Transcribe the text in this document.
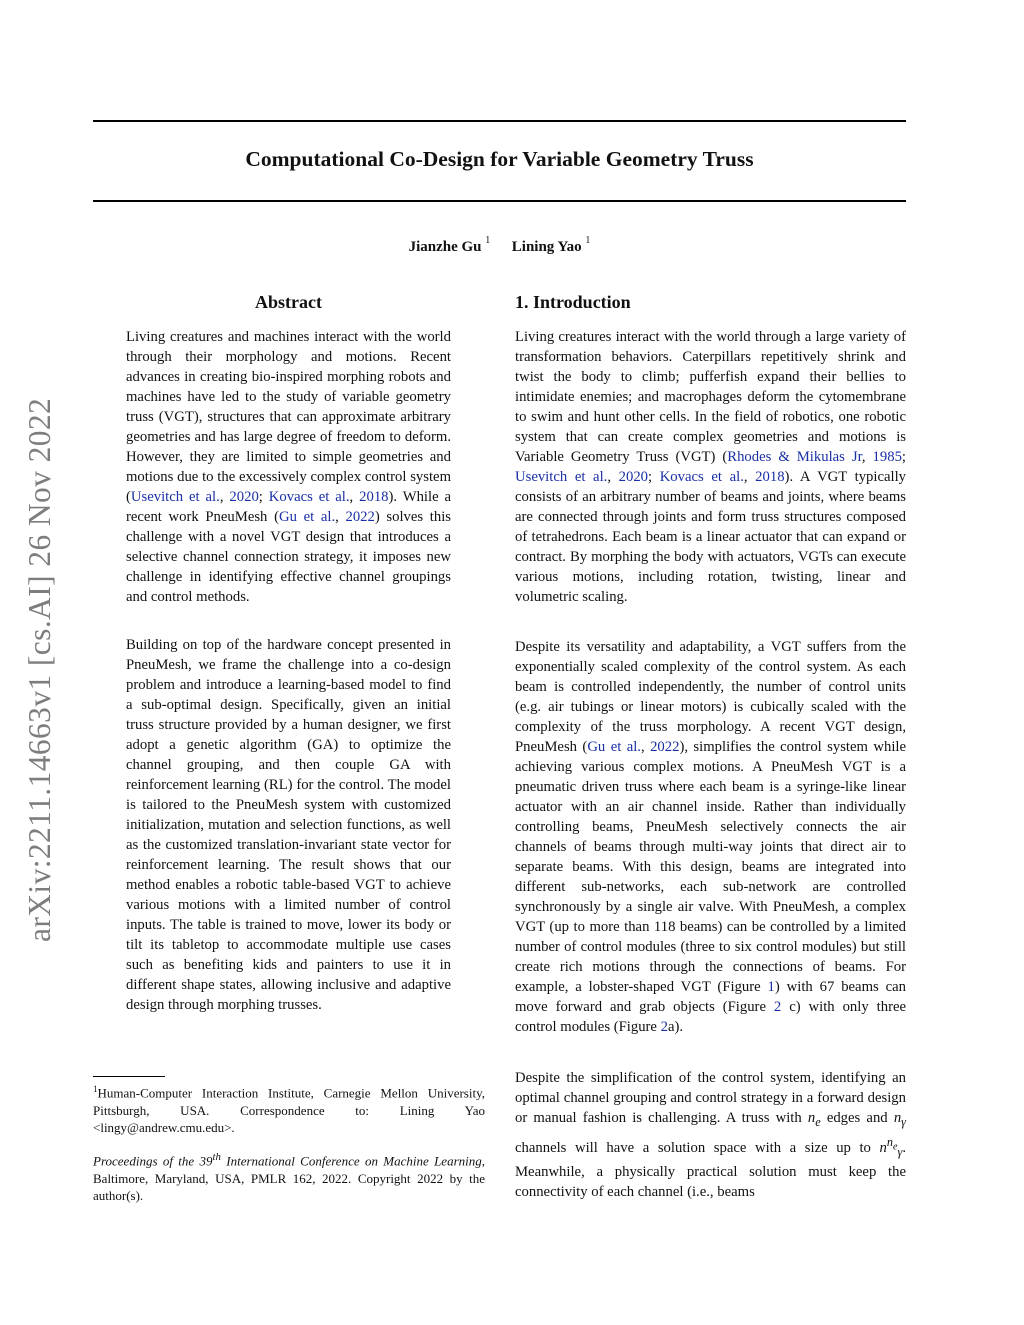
Computational Co-Design for Variable Geometry Truss
Jianzhe Gu $^1$ Lining Yao $^1$
arXiv:2211.14663v1 [cs.AI] 26 Nov 2022
Abstract

Living creatures and machines interact with the world through their morphology and motions. Recent advances in creating bio-inspired morphing robots and machines have led to the study of variable geometry truss (VGT), structures that can approximate arbitrary geometries and has large degree of freedom to deform. However, they are limited to simple geometries and motions due to the excessively complex control system (Usevitch et al., 2020; Kovacs et al., 2018). While a recent work PneuMesh (Gu et al., 2022) solves this challenge with a novel VGT design that introduces a selective channel connection strategy, it imposes new challenge in identifying effective channel groupings and control methods.

Building on top of the hardware concept presented in PneuMesh, we frame the challenge into a co-design problem and introduce a learning-based model to find a sub-optimal design. Specifically, given an initial truss structure provided by a human designer, we first adopt a genetic algorithm (GA) to optimize the channel grouping, and then couple GA with reinforcement learning (RL) for the control. The model is tailored to the PneuMesh system with customized initialization, mutation and selection functions, as well as the customized translation-invariant state vector for reinforcement learning. The result shows that our method enables a robotic table-based VGT to achieve various motions with a limited number of control inputs. The table is trained to move, lower its body or tilt its tabletop to accommodate multiple use cases such as benefiting kids and painters to use it in different shape states, allowing inclusive and adaptive design through morphing trusses.

1. Introduction

Living creatures interact with the world through a large variety of transformation behaviors. Caterpillars repetitively shrink and twist the body to climb; pufferfish expand their bellies to intimidate enemies; and macrophages deform the cytomembrane to swim and hunt other cells. In the field of robotics, one robotic system that can create complex geometries and motions is Variable Geometry Truss (VGT) (Rhodes & Mikulas Jr, 1985; Usevitch et al., 2020; Kovacs et al., 2018). A VGT typically consists of an arbitrary number of beams and joints, where beams are connected through joints and form truss structures composed of tetrahedrons. Each beam is a linear actuator that can expand or contract. By morphing the body with actuators, VGTs can execute various motions, including rotation, twisting, linear and volumetric scaling.

Despite its versatility and adaptability, a VGT suffers from the exponentially scaled complexity of the control system. As each beam is controlled independently, the number of control units (e.g. air tubings or linear motors) is cubically scaled with the complexity of the truss morphology. A recent VGT design, PneuMesh (Gu et al., 2022), simplifies the control system while achieving various complex motions. A PneuMesh VGT is a pneumatic driven truss where each beam is a syringe-like linear actuator with an air channel inside. Rather than individually controlling beams, PneuMesh selectively connects the air channels of beams through multi-way joints that direct air to separate beams. With this design, beams are integrated into different sub-networks, each sub-network are controlled synchronously by a single air valve. With PneuMesh, a complex VGT (up to more than 118 beams) can be controlled by a limited number of control modules (three to six control modules) but still create rich motions through the connections of beams. For example, a lobster-shaped VGT (Figure 1) with 67 beams can move forward and grab objects (Figure 2 c) with only three control modules (Figure 2a).

Despite the simplification of the control system, identifying an optimal channel grouping and control strategy in a forward design or manual fashion is challenging. A truss with $n_e$ edges and $n_\gamma$ channels will have a solution space with a size up to $n^{n_e}_\gamma$. Meanwhile, a physically practical solution must keep the connectivity of each channel (i.e., beams

$^1$Human-Computer Interaction Institute, Carnegie Mellon University, Pittsburgh, USA. Correspondence to: Lining Yao <lingy@andrew.cmu.edu>.
Proceedings of the 39th International Conference on Machine Learning, Baltimore, Maryland, USA, PMLR 162, 2022. Copyright 2022 by the author(s).
